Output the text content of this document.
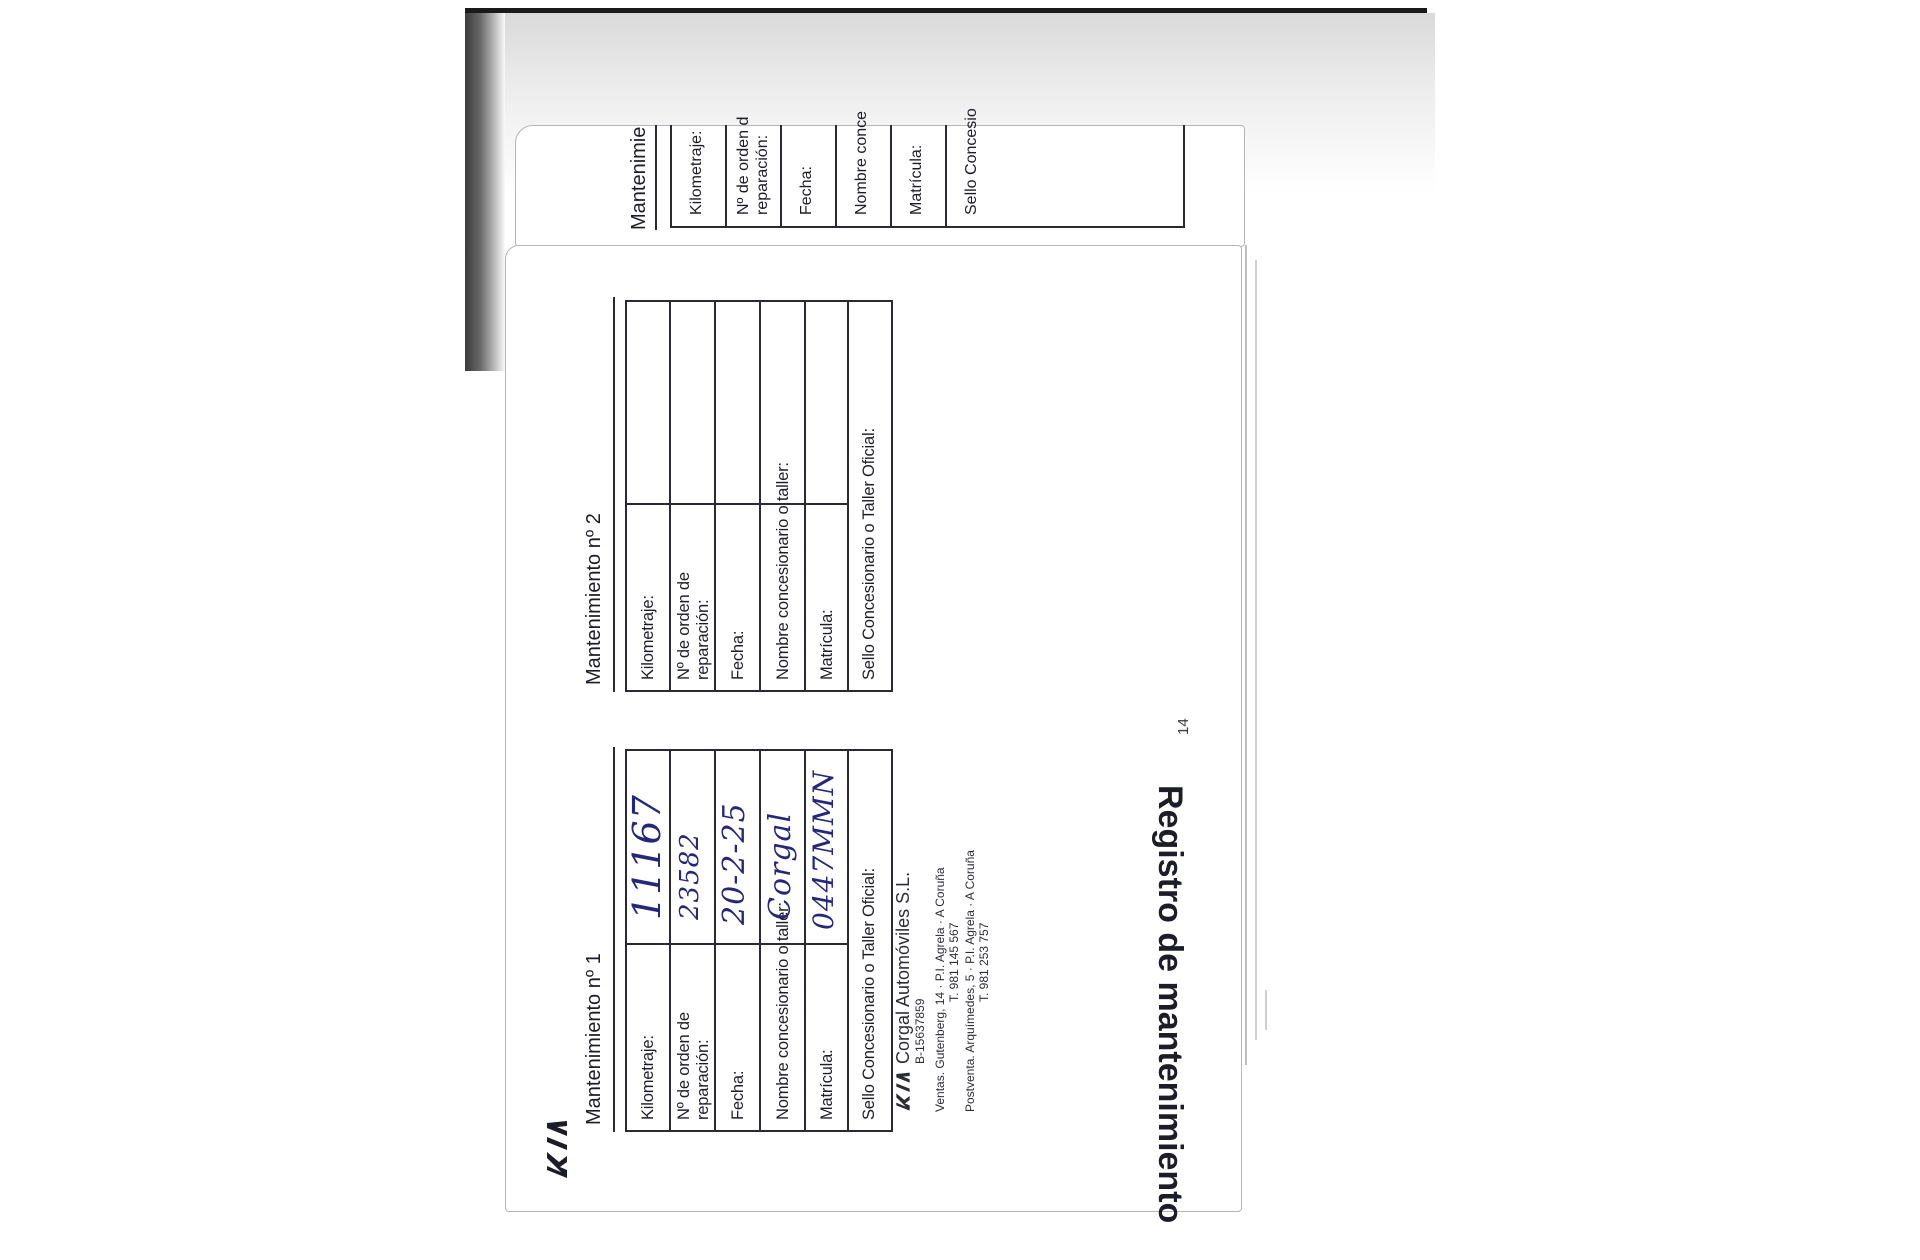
Mantenimie Kilometraje: Nº de orden d reparación: Fecha: Nombre conce Matrícula: Sello Concesio
Registro de mantenimiento
Mantenimiento nº 1 Kilometraje: Nº de orden de reparación: Fecha: Nombre concesionario o taller: Matrícula: Sello Concesionario o Taller Oficial:
11167 23582 20-2-25 Corgal 0447MMN
Corgal Automóviles S.L. B-15637859 Ventas. Gutenberg, 14 · P.I. Agrela · A Coruña T. 981 145 567 Postventa. Arquímedes, 5 · P.I. Agrela · A Coruña T. 981 253 757
Mantenimiento nº 2 Kilometraje: Nº de orden de reparación: Fecha: Nombre concesionario o taller: Matrícula: Sello Concesionario o Taller Oficial:
14
